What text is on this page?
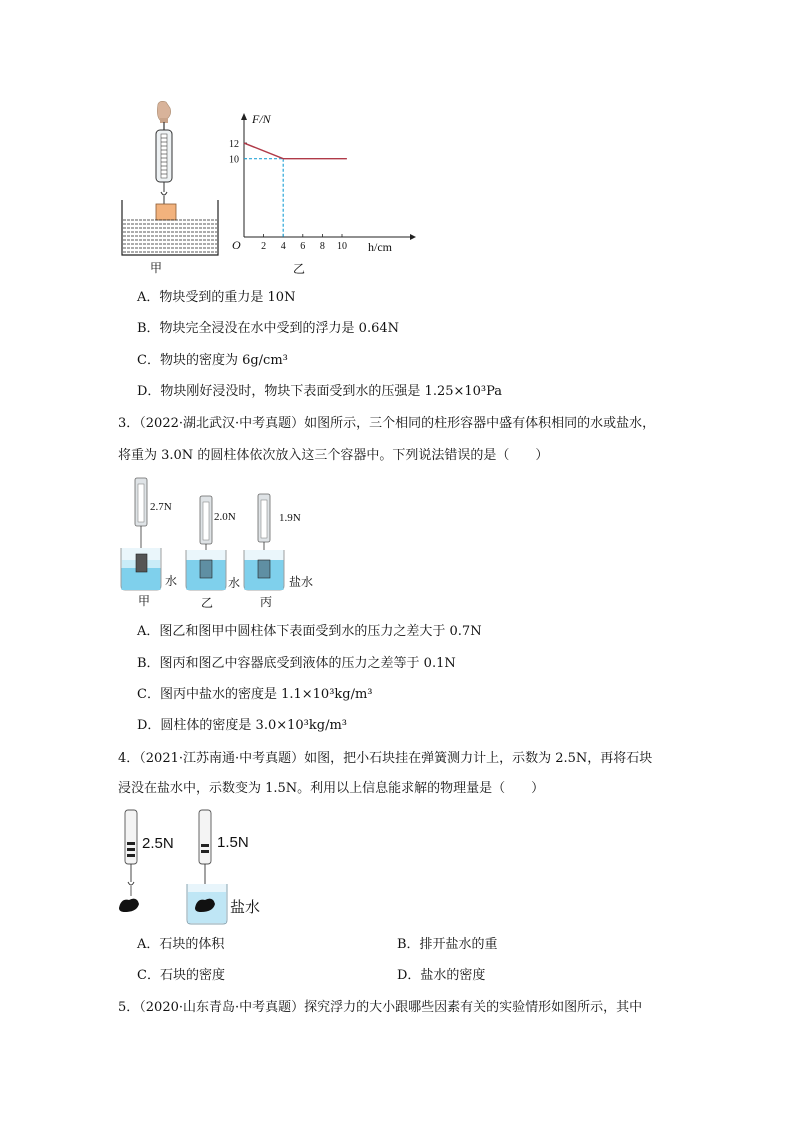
2 4 6 8 10
10
12
F/N
O	h/cm
甲	乙
A．物块受到的重力是 10N
B．物块完全浸没在水中受到的浮力是 0.64N
C．物块的密度为 6g/cm³
D．物块刚好浸没时，物块下表面受到水的压强是 1.25×10³Pa
3．（2022·湖北武汉·中考真题）如图所示，三个相同的柱形容器中盛有体积相同的水或盐水，
将重为 3.0N 的圆柱体依次放入这三个容器中。下列说法错误的是（　　）
2.7N
2.0N	1.9N
水	水	盐水
甲	乙	丙
A．图乙和图甲中圆柱体下表面受到水的压力之差大于 0.7N
B．图丙和图乙中容器底受到液体的压力之差等于 0.1N
C．图丙中盐水的密度是 1.1×10³kg/m³
D．圆柱体的密度是 3.0×10³kg/m³
4．（2021·江苏南通·中考真题）如图，把小石块挂在弹簧测力计上，示数为 2.5N，再将石块
浸没在盐水中，示数变为 1.5N。利用以上信息能求解的物理量是（　　）
2.5N	1.5N
盐水
A．石块的体积	B．排开盐水的重
C．石块的密度	D．盐水的密度
5．（2020·山东青岛·中考真题）探究浮力的大小跟哪些因素有关的实验情形如图所示，其中
